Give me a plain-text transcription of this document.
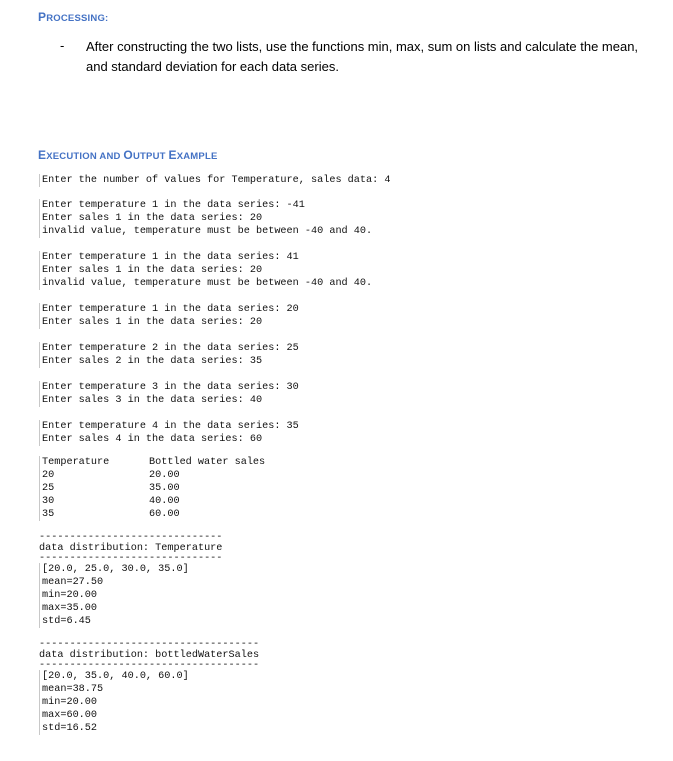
PROCESSING:
- After constructing the two lists, use the functions min, max, sum on lists and calculate the mean, and standard deviation for each data series.
EXECUTION AND OUTPUT EXAMPLE
Enter the number of values for Temperature, sales data: 4
Enter temperature 1 in the data series: -41
Enter sales 1 in the data series: 20
invalid value, temperature must be between -40 and 40.
Enter temperature 1 in the data series: 41
Enter sales 1 in the data series: 20
invalid value, temperature must be between -40 and 40.
Enter temperature 1 in the data series: 20
Enter sales 1 in the data series: 20
Enter temperature 2 in the data series: 25
Enter sales 2 in the data series: 35
Enter temperature 3 in the data series: 30
Enter sales 3 in the data series: 40
Enter temperature 4 in the data series: 35
Enter sales 4 in the data series: 60
Temperature
20
25
30
35
Bottled water sales
20.00
35.00
40.00
60.00
------------------------------
data distribution: Temperature
------------------------------
[20.0, 25.0, 30.0, 35.0]
mean=27.50
min=20.00
max=35.00
std=6.45
------------------------------------
data distribution: bottledWaterSales
------------------------------------
[20.0, 35.0, 40.0, 60.0]
mean=38.75
min=20.00
max=60.00
std=16.52
